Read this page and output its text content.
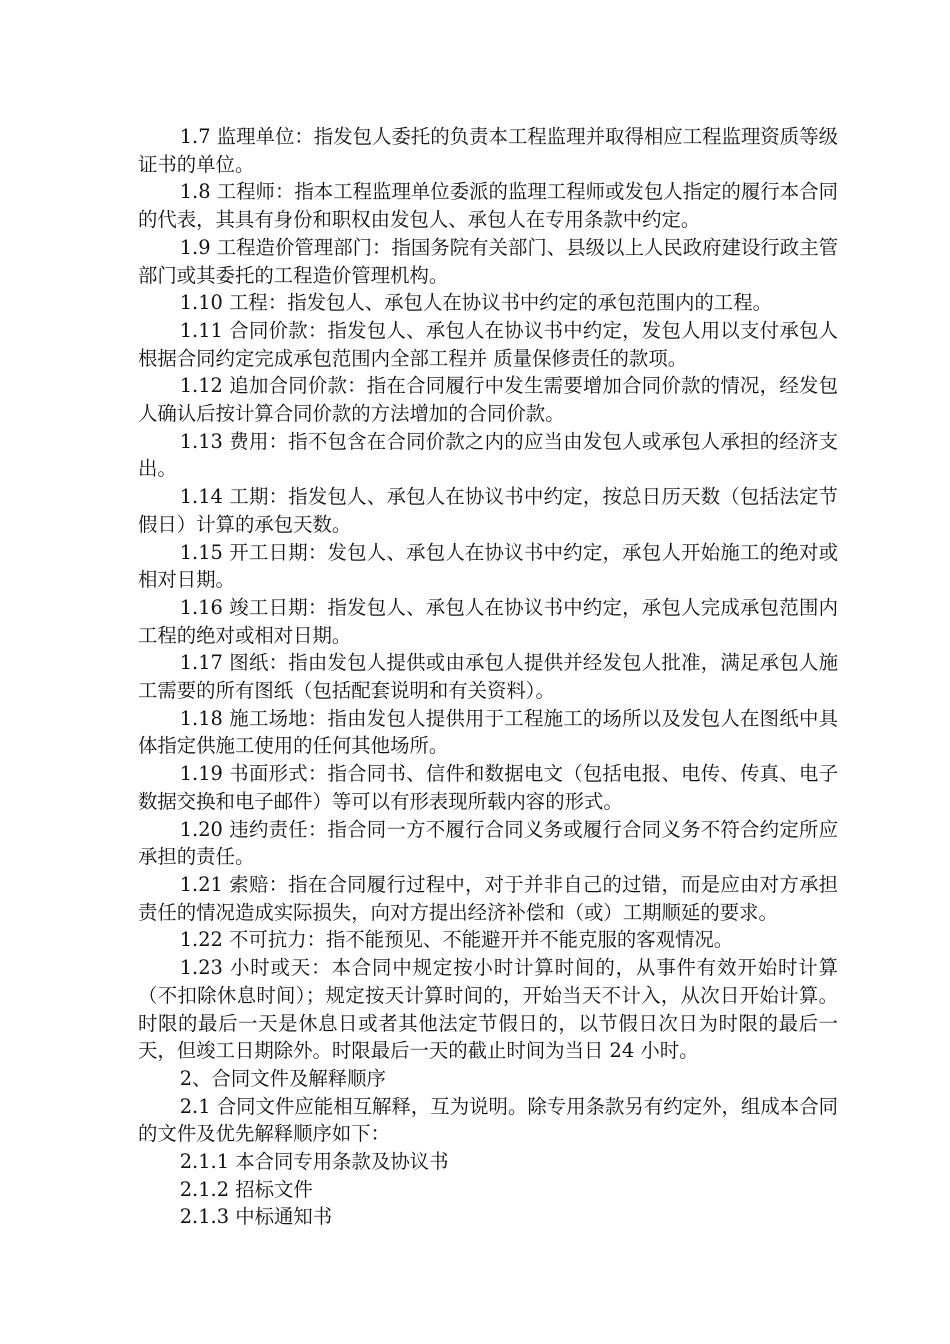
1.7 监理单位：指发包人委托的负责本工程监理并取得相应工程监理资质等级证书的单位。

1.8 工程师：指本工程监理单位委派的监理工程师或发包人指定的履行本合同的代表，其具有身份和职权由发包人、承包人在专用条款中约定。

1.9 工程造价管理部门：指国务院有关部门、县级以上人民政府建设行政主管部门或其委托的工程造价管理机构。

1.10 工程：指发包人、承包人在协议书中约定的承包范围内的工程。

1.11 合同价款：指发包人、承包人在协议书中约定，发包人用以支付承包人根据合同约定完成承包范围内全部工程并 质量保修责任的款项。

1.12 追加合同价款：指在合同履行中发生需要增加合同价款的情况，经发包人确认后按计算合同价款的方法增加的合同价款。

1.13 费用：指不包含在合同价款之内的应当由发包人或承包人承担的经济支出。

1.14 工期：指发包人、承包人在协议书中约定，按总日历天数（包括法定节假日）计算的承包天数。

1.15 开工日期：发包人、承包人在协议书中约定，承包人开始施工的绝对或相对日期。

1.16 竣工日期：指发包人、承包人在协议书中约定，承包人完成承包范围内工程的绝对或相对日期。

1.17 图纸：指由发包人提供或由承包人提供并经发包人批准，满足承包人施工需要的所有图纸（包括配套说明和有关资料）。

1.18 施工场地：指由发包人提供用于工程施工的场所以及发包人在图纸中具体指定供施工使用的任何其他场所。

1.19 书面形式：指合同书、信件和数据电文（包括电报、电传、传真、电子数据交换和电子邮件）等可以有形表现所载内容的形式。

1.20 违约责任：指合同一方不履行合同义务或履行合同义务不符合约定所应承担的责任。

1.21 索赔：指在合同履行过程中，对于并非自己的过错，而是应由对方承担责任的情况造成实际损失，向对方提出经济补偿和（或）工期顺延的要求。

1.22 不可抗力：指不能预见、不能避开并不能克服的客观情况。

1.23 小时或天：本合同中规定按小时计算时间的，从事件有效开始时计算（不扣除休息时间）；规定按天计算时间的，开始当天不计入，从次日开始计算。时限的最后一天是休息日或者其他法定节假日的，以节假日次日为时限的最后一天，但竣工日期除外。时限最后一天的截止时间为当日 24 小时。

2、合同文件及解释顺序

2.1 合同文件应能相互解释，互为说明。除专用条款另有约定外，组成本合同的文件及优先解释顺序如下：

2.1.1 本合同专用条款及协议书

2.1.2 招标文件

2.1.3 中标通知书
